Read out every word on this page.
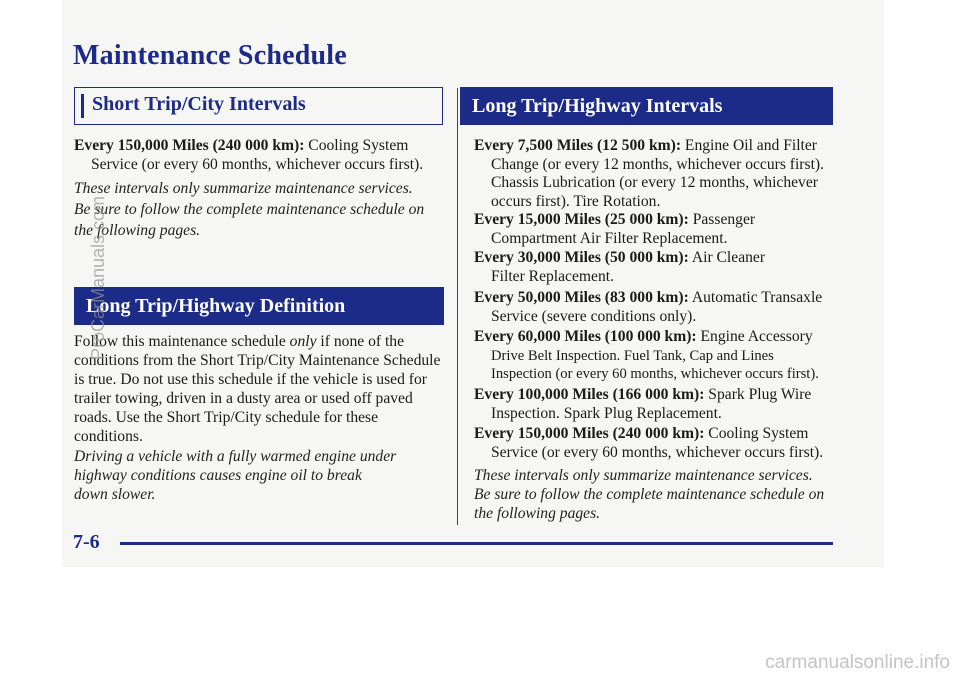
Maintenance Schedule
Short Trip/City Intervals
Every 150,000 Miles (240 000 km): Cooling System
Service (or every 60 months, whichever occurs first).
These intervals only summarize maintenance services.
Be sure to follow the complete maintenance schedule on
the following pages.
Long Trip/Highway Definition
Follow this maintenance schedule only if none of the conditions from the Short Trip/City Maintenance Schedule is true. Do not use this schedule if the vehicle is used for trailer towing, driven in a dusty area or used off paved roads. Use the Short Trip/City schedule for these conditions.
Driving a vehicle with a fully warmed engine under
highway conditions causes engine oil to break
down slower.
Long Trip/Highway Intervals
Every 7,500 Miles (12 500 km): Engine Oil and Filter
Change (or every 12 months, whichever occurs first).
Chassis Lubrication (or every 12 months, whichever
occurs first). Tire Rotation.
Every 15,000 Miles (25 000 km): Passenger
Compartment Air Filter Replacement.
Every 30,000 Miles (50 000 km): Air Cleaner
Filter Replacement.
Every 50,000 Miles (83 000 km): Automatic Transaxle
Service (severe conditions only).
Every 60,000 Miles (100 000 km): Engine Accessory
Drive Belt Inspection. Fuel Tank, Cap and Lines
Inspection (or every 60 months, whichever occurs first).
Every 100,000 Miles (166 000 km): Spark Plug Wire
Inspection. Spark Plug Replacement.
Every 150,000 Miles (240 000 km): Cooling System
Service (or every 60 months, whichever occurs first).
These intervals only summarize maintenance services.
Be sure to follow the complete maintenance schedule on
the following pages.
7-6
ProCarManuals.com
carmanualsonline.info
